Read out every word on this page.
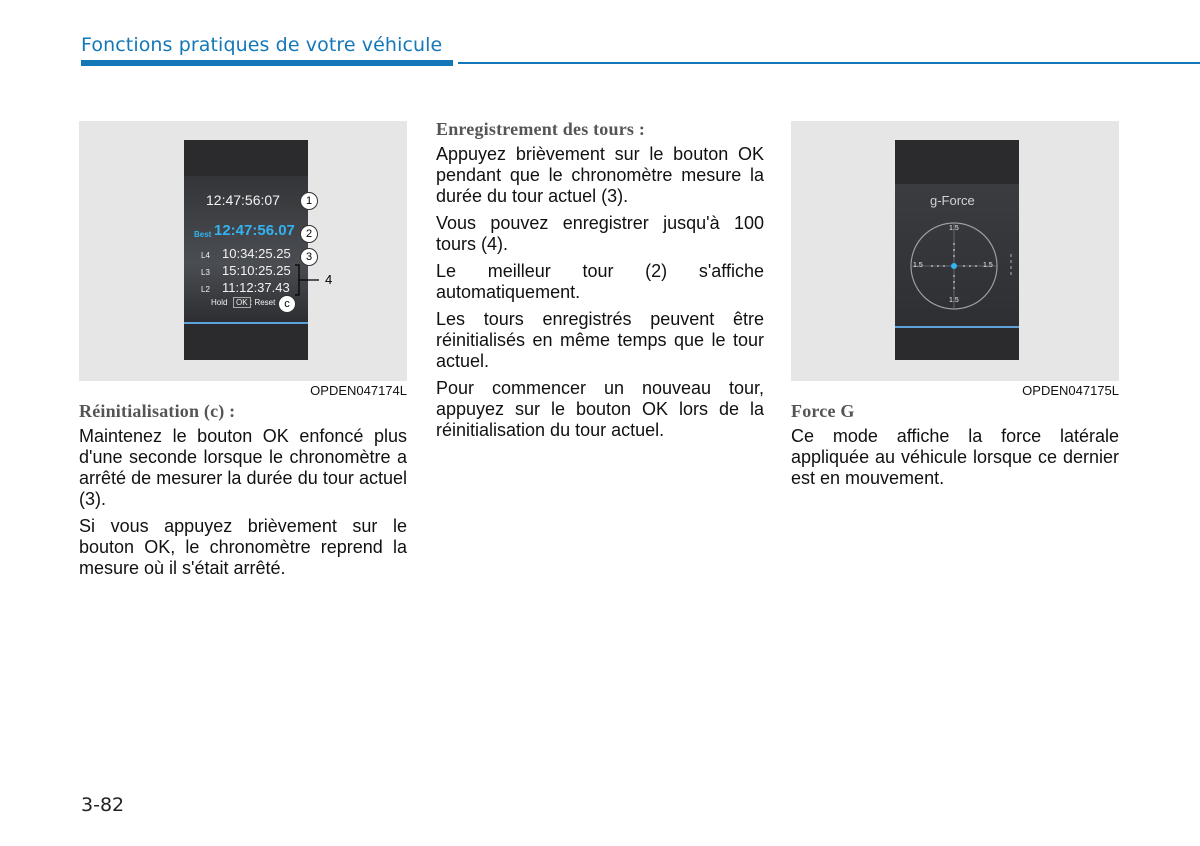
Fonctions pratiques de votre véhicule
12:47:56:07
Best 12:47:56.07
L4 10:34:25.25
L3 15:10:25.25
L2 11:12:37.43
Hold	OK : Reset
1
2
3
4
c
OPDEN047174L
Réinitialisation (c) :

Maintenez le bouton OK enfoncé plus d'une seconde lorsque le chronomètre a arrêté de mesurer la durée du tour actuel (3).

Si vous appuyez brièvement sur le bouton OK, le chronomètre reprend la mesure où il s'était arrêté.

Enregistrement des tours :

Appuyez brièvement sur le bouton OK pendant que le chronomètre mesure la durée du tour actuel (3).

Vous pouvez enregistrer jusqu'à 100 tours (4).

Le meilleur tour (2) s'affiche automatiquement.

Les tours enregistrés peuvent être réinitialisés en même temps que le tour actuel.

Pour commencer un nouveau tour, appuyez sur le bouton OK lors de la réinitialisation du tour actuel.

g-Force
1.5
1.5
1.5	1.5
OPDEN047175L
Force G

Ce mode affiche la force latérale appliquée au véhicule lorsque ce dernier est en mouvement.

3-82
